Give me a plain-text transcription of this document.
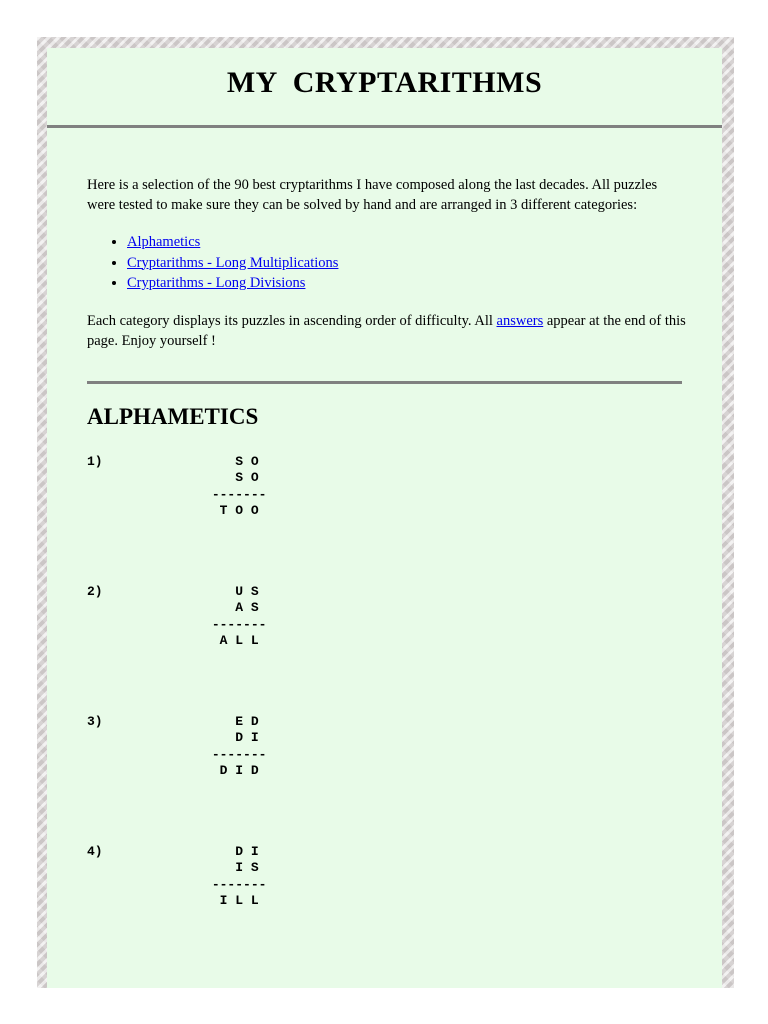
MY  CRYPTARITHMS

Here is a selection of the 90 best cryptarithms I have composed along the last decades. All puzzles were tested to make sure they can be solved by hand and are arranged in 3 different categories:

• Alphametics
• Cryptarithms - Long Multiplications
• Cryptarithms - Long Divisions

Each category displays its puzzles in ascending order of difficulty. All answers appear at the end of this page. Enjoy yourself !

ALPHAMETICS
1)                 S O
S O
-------
T O O
2)                 U S
A S
-------
A L L
3)                 E D
D I
-------
D I D
4)                 D I
I S
-------
I L L
